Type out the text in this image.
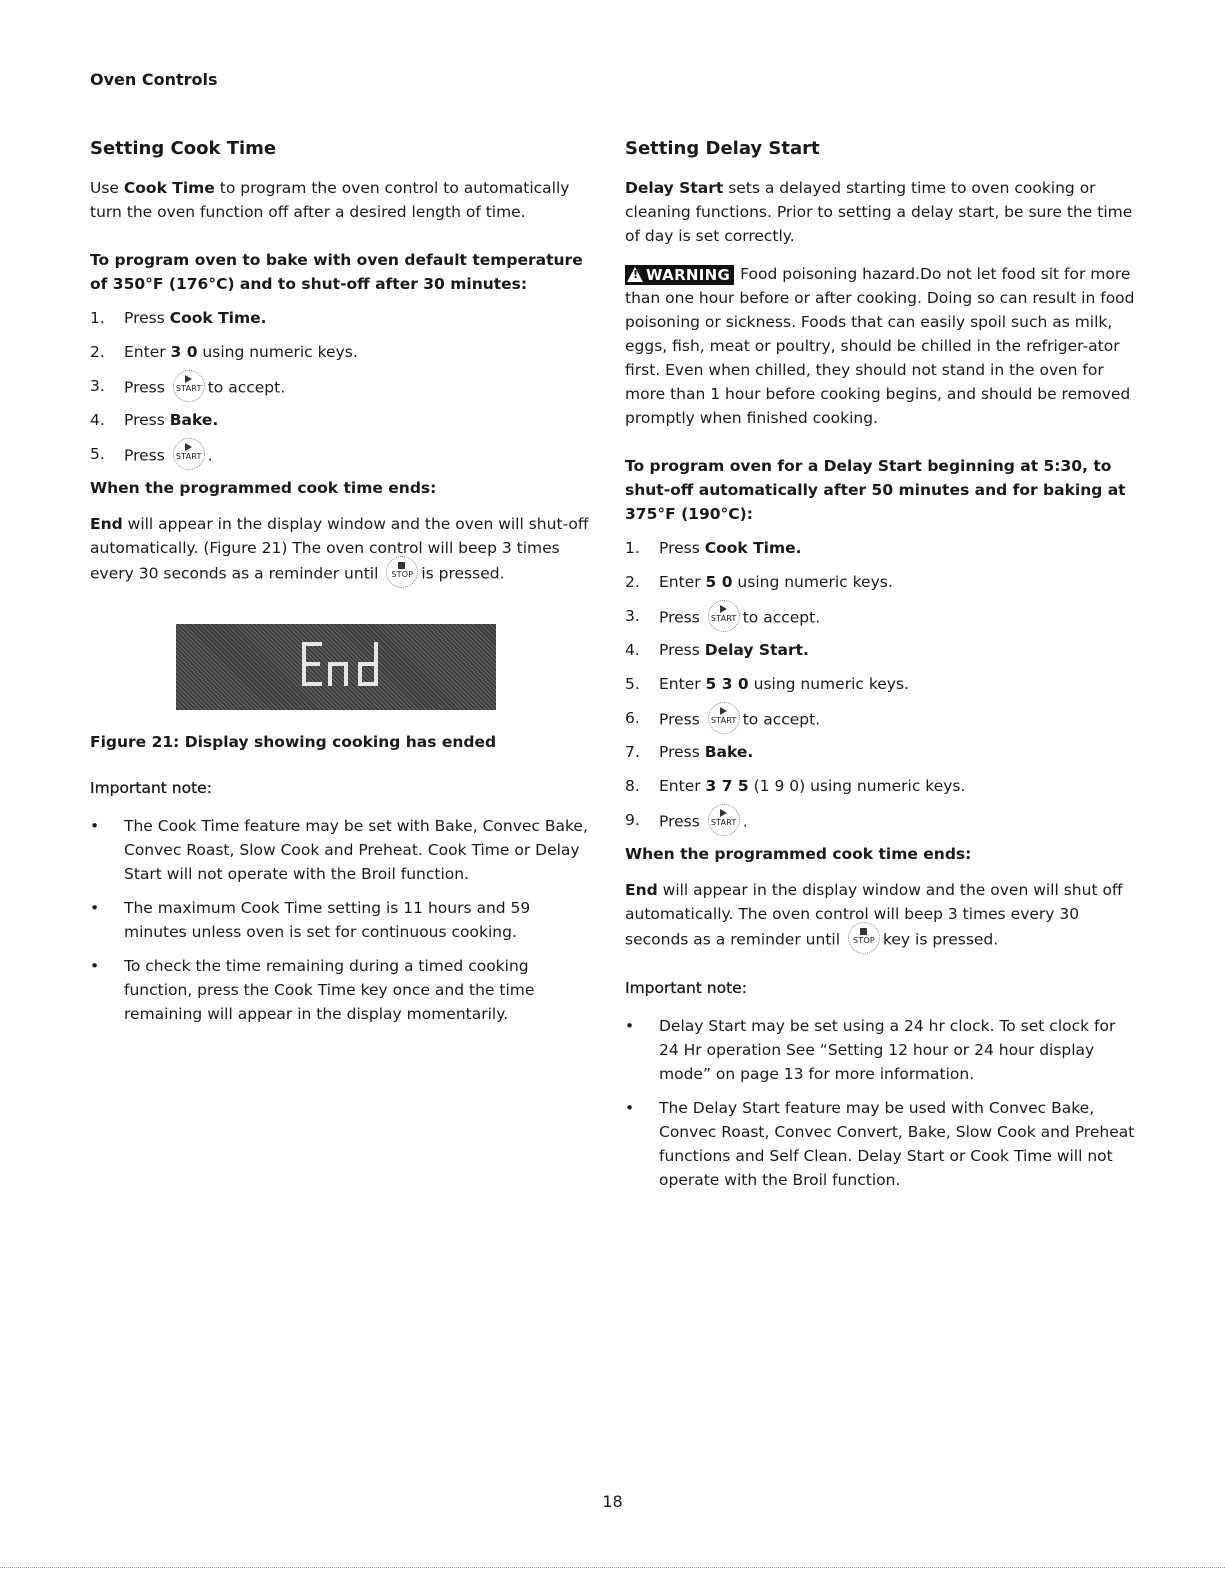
Oven Controls
Setting Cook Time

Use Cook Time to program the oven control to automatically turn the oven function off after a desired length of time.

To program oven to bake with oven default temperature of 350°F (176°C) and to shut-off after 30 minutes:

1. Press Cook Time.
2. Enter 3 0 using numeric keys.
3. Press START to accept.
4. Press Bake.
5. Press START .

When the programmed cook time ends:

End will appear in the display window and the oven will shut-off automatically. (Figure 21) The oven control will beep 3 times every 30 seconds as a reminder until	STOP is pressed.

Figure 21: Display showing cooking has ended

Important note:

• The Cook Time feature may be set with Bake, Convec Bake, Convec Roast, Slow Cook and Preheat. Cook Time or Delay Start will not operate with the Broil function.
• The maximum Cook Time setting is 11 hours and 59 minutes unless oven is set for continuous cooking.
• To check the time remaining during a timed cooking function, press the Cook Time key once and the time remaining will appear in the display momentarily.
Setting Delay Start

Delay Start sets a delayed starting time to oven cooking or cleaning functions. Prior to setting a delay start, be sure the time of day is set correctly.

! WARNING Food poisoning hazard.Do not let food sit for more than one hour before or after cooking. Doing so can result in food poisoning or sickness. Foods that can easily spoil such as milk, eggs, fish, meat or poultry, should be chilled in the refriger-ator first. Even when chilled, they should not stand in the oven for more than 1 hour before cooking begins, and should be removed promptly when finished cooking.

To program oven for a Delay Start beginning at 5:30, to shut-off automatically after 50 minutes and for baking at 375°F (190°C):

1. Press Cook Time.
2. Enter 5 0 using numeric keys.
3. Press START to accept.
4. Press Delay Start.
5. Enter 5 3 0 using numeric keys.
6. Press START to accept.
7. Press Bake.
8. Enter 3 7 5 (1 9 0) using numeric keys.
9. Press START .

When the programmed cook time ends:

End will appear in the display window and the oven will shut off automatically. The oven control will beep 3 times every 30 seconds as a reminder until	STOP key is pressed.

Important note:

• Delay Start may be set using a 24 hr clock. To set clock for 24 Hr operation See “Setting 12 hour or 24 hour display mode” on page 13 for more information.
• The Delay Start feature may be used with Convec Bake, Convec Roast, Convec Convert, Bake, Slow Cook and Preheat functions and Self Clean. Delay Start or Cook Time will not operate with the Broil function.
18
